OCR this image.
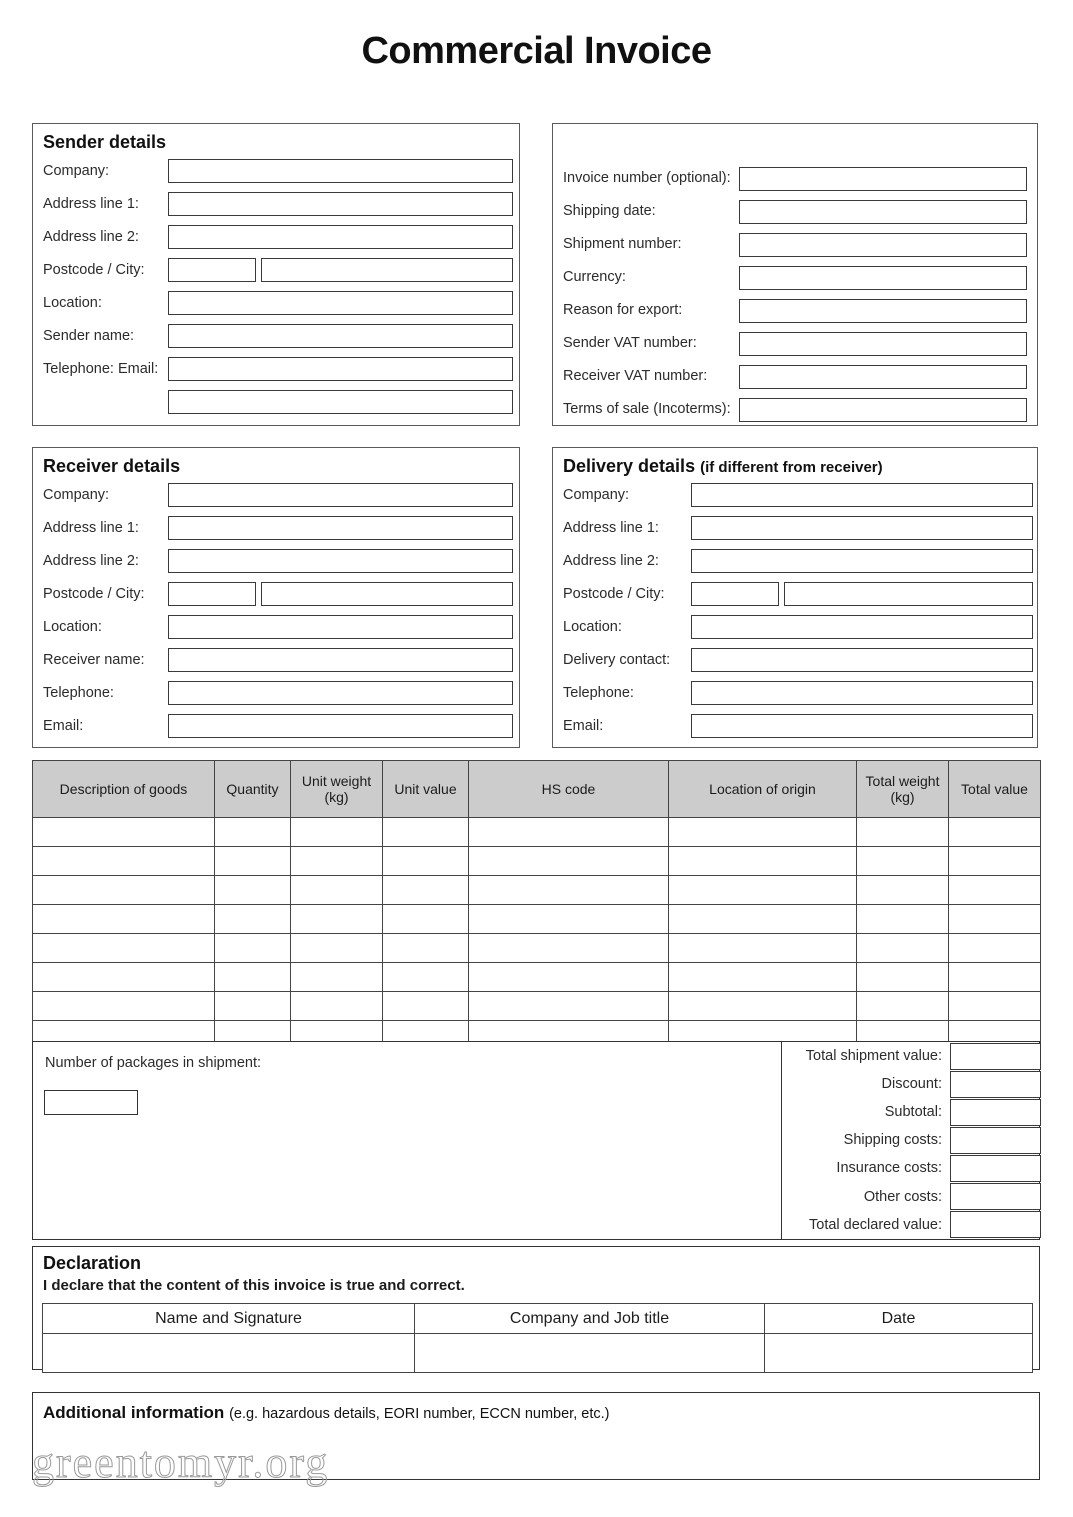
Commercial Invoice
Sender details
Company:
Address line 1:
Address line 2:
Postcode / City:
Location:
Sender name:
Telephone: Email:
Invoice number (optional):
Shipping date:
Shipment number:
Currency:
Reason for export:
Sender VAT number:
Receiver VAT number:
Terms of sale (Incoterms):
Receiver details
Company:
Address line 1:
Address line 2:
Postcode / City:
Location:
Receiver name:
Telephone:
Email:
Delivery details (if different from receiver)
Company:
Address line 1:
Address line 2:
Postcode / City:
Location:
Delivery contact:
Telephone:
Email:
Description of goods	Quantity	Unit weight (kg)	Unit value	HS code	Location of origin	Total weight (kg)	Total value

Number of packages in shipment:	Total shipment value:
Discount:
Subtotal:
Shipping costs:
Insurance costs:
Other costs:
Total declared value:
Declaration
I declare that the content of this invoice is true and correct.
Name and Signature	Company and Job title	Date

Additional information (e.g. hazardous details, EORI number, ECCN number, etc.)
